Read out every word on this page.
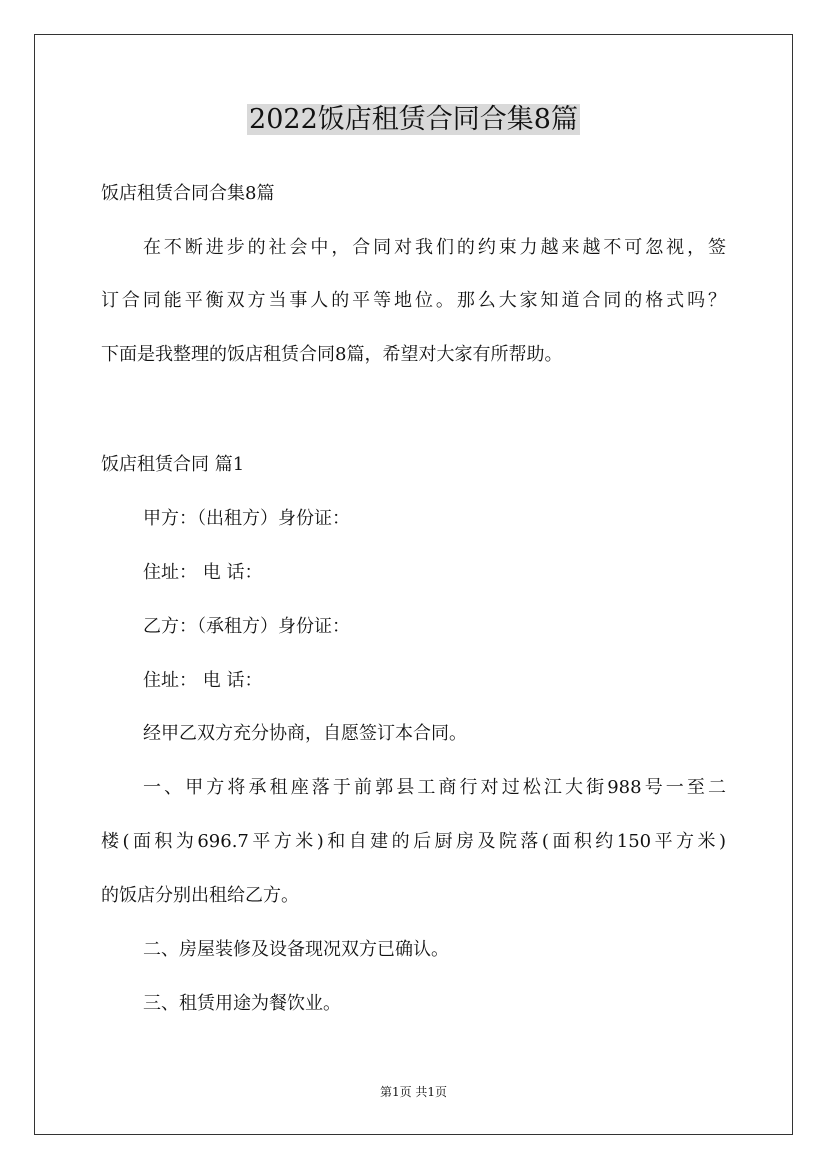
2022饭店租赁合同合集8篇

饭店租赁合同合集8篇

在不断进步的社会中，合同对我们的约束力越来越不可忽视，签

订合同能平衡双方当事人的平等地位。那么大家知道合同的格式吗？

下面是我整理的饭店租赁合同8篇，希望对大家有所帮助。

饭店租赁合同 篇1

甲方：（出租方）身份证：

住址： 电 话：

乙方：（承租方）身份证：

住址： 电 话：

经甲乙双方充分协商，自愿签订本合同。

一、甲方将承租座落于前郭县工商行对过松江大街988号一至二

楼(面积为696.7平方米)和自建的后厨房及院落(面积约150平方米)

的饭店分别出租给乙方。

二、房屋装修及设备现况双方已确认。

三、租赁用途为餐饮业。

第1页 共1页
